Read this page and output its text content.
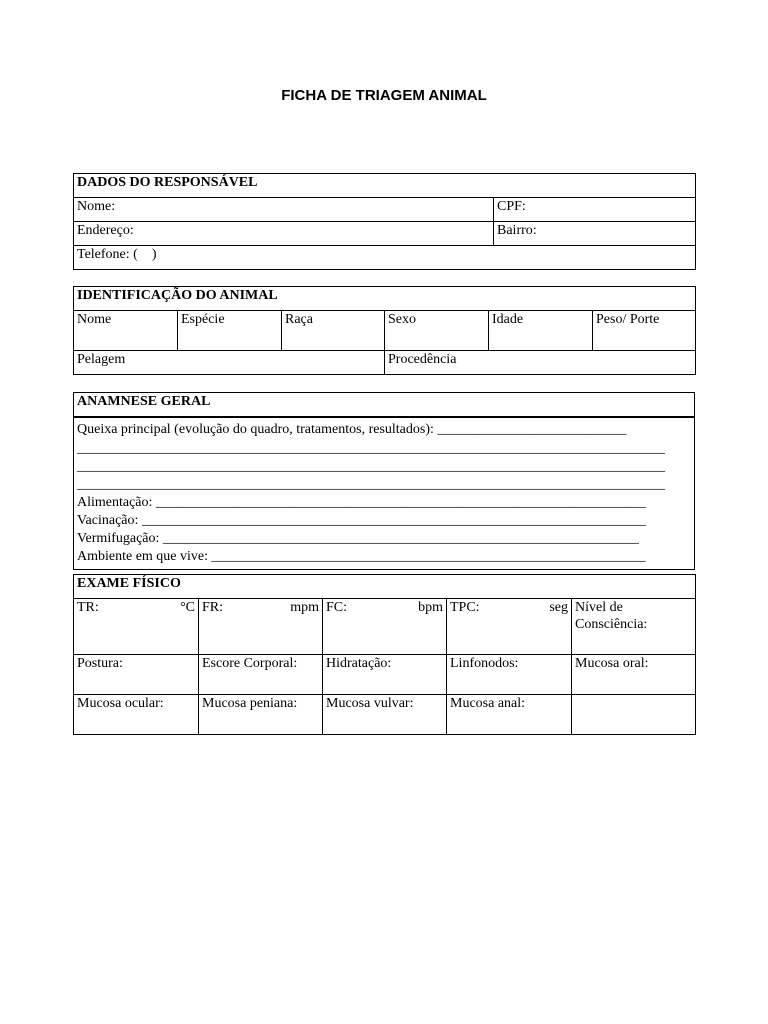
FICHA DE TRIAGEM ANIMAL
DADOS DO RESPONSÁVEL	
Nome:	CPF:
Endereço:	Bairro:
Telefone: (    )	
IDENTIFICAÇÃO DO ANIMAL					
Nome	Espécie	Raça	Sexo	Idade	Peso/ Porte
Pelagem			Procedência		
ANAMNESE GERAL

Queixa principal (evolução do quadro, tratamentos, resultados): ___________________________
____________________________________________________________________________________
____________________________________________________________________________________
____________________________________________________________________________________
Alimentação: ______________________________________________________________________
Vacinação: ________________________________________________________________________
Vermifugação: ____________________________________________________________________
Ambiente em que vive: ______________________________________________________________
EXAME FÍSICO				

TR: °C	FR: mpm	FC: bpm	TPC: seg	Nível de Consciência:
Postura:	Escore Corporal:	Hidratação:	Linfonodos:	Mucosa oral:
Mucosa ocular:	Mucosa peniana:	Mucosa vulvar:	Mucosa anal:	
